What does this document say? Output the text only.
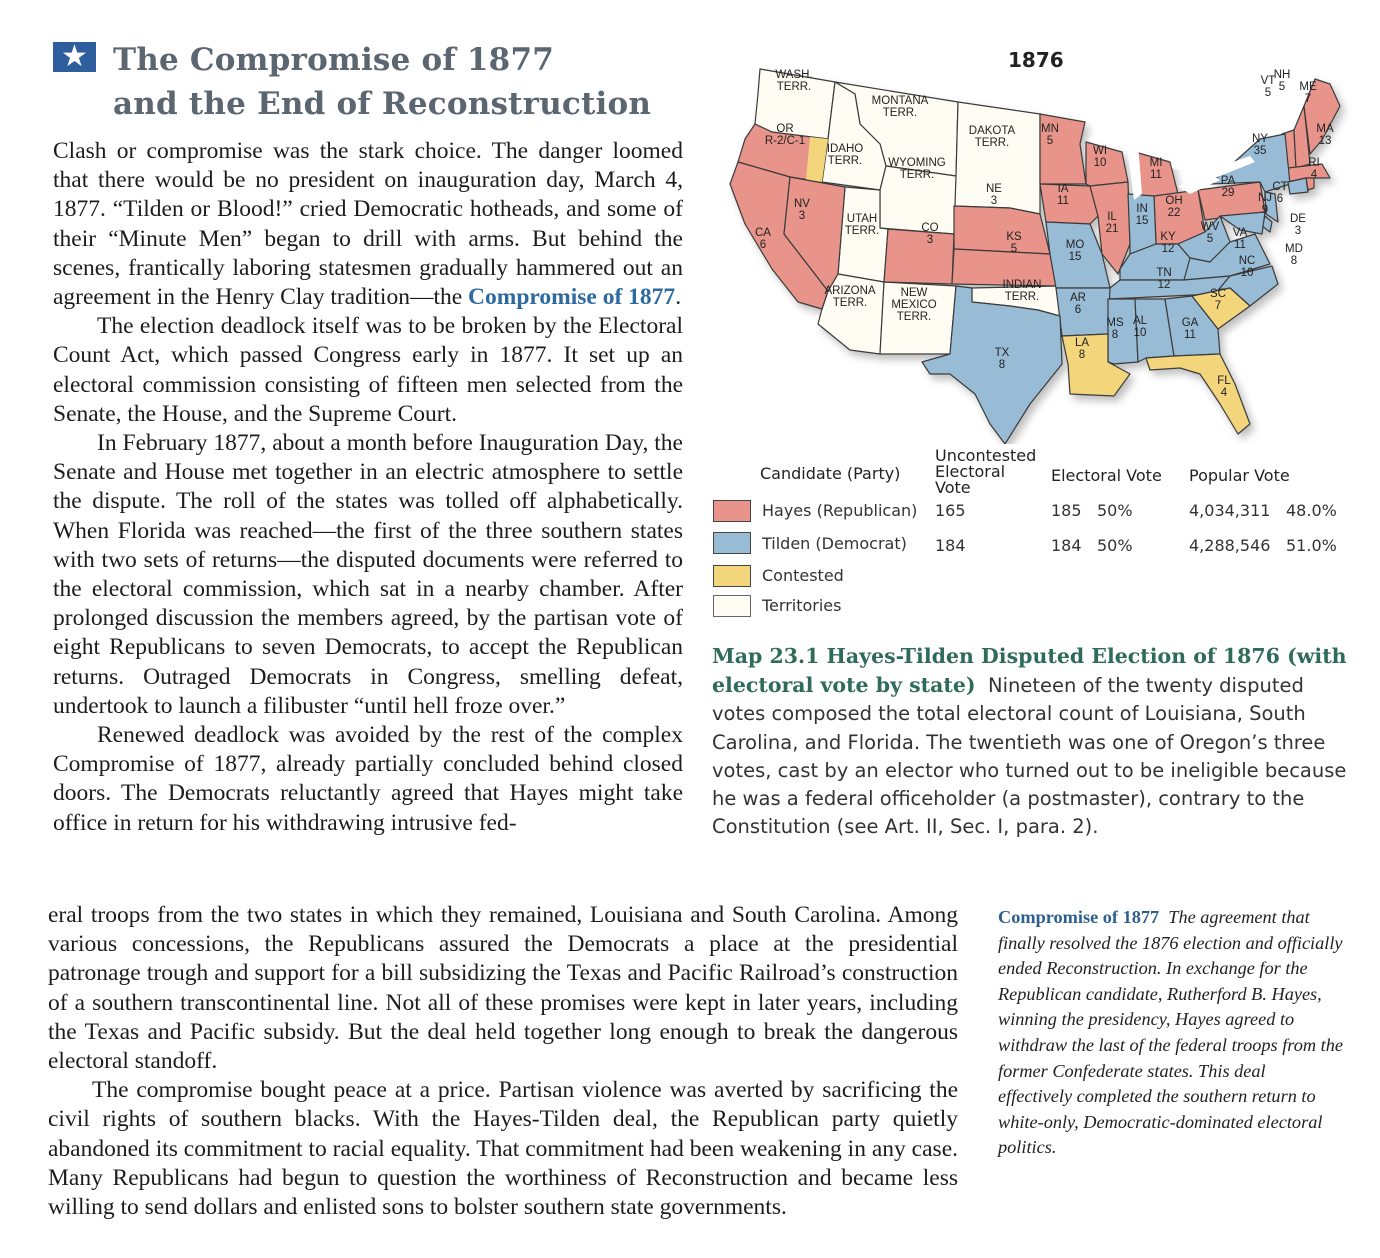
★ The Compromise of 1877
and the End of Reconstruction

Clash or compromise was the stark choice. The danger loomed that there would be no president on inauguration day, March 4, 1877. “Tilden or Blood!” cried Democratic hotheads, and some of their “Minute Men” began to drill with arms. But behind the scenes, frantically laboring statesmen gradually hammered out an agreement in the Henry Clay tradition—the Compromise of 1877.

The election deadlock itself was to be broken by the Electoral Count Act, which passed Congress early in 1877. It set up an electoral commission consisting of fifteen men selected from the Senate, the House, and the Supreme Court.

In February 1877, about a month before Inauguration Day, the Senate and House met together in an electric atmosphere to settle the dispute. The roll of the states was tolled off alphabetically. When Florida was reached—the first of the three southern states with two sets of returns—the disputed documents were referred to the electoral commission, which sat in a nearby chamber. After prolonged discussion the members agreed, by the partisan vote of eight Republicans to seven Democrats, to accept the Republican returns. Outraged Democrats in Congress, smelling defeat, undertook to launch a filibuster “until hell froze over.”

Renewed deadlock was avoided by the rest of the complex Compromise of 1877, already partially concluded behind closed doors. The Democrats reluctantly agreed that Hayes might take office in return for his withdrawing intrusive fed-

eral troops from the two states in which they remained, Louisiana and South Carolina. Among various concessions, the Republicans assured the Democrats a place at the presidential patronage trough and support for a bill subsidizing the Texas and Pacific Railroad’s construction of a southern transcontinental line. Not all of these promises were kept in later years, including the Texas and Pacific subsidy. But the deal held together long enough to break the dangerous electoral standoff.

The compromise bought peace at a price. Partisan violence was averted by sacrificing the civil rights of southern blacks. With the Hayes-Tilden deal, the Republican party quietly abandoned its commitment to racial equality. That commitment had been weakening in any case. Many Republicans had begun to question the worthiness of Reconstruction and became less willing to send dollars and enlisted sons to bolster southern state governments.

1876
WASH. TERR.
MONTANA TERR.
DAKOTA TERR.
IDAHO TERR. WYOMING TERR.
UTAH TERR.
ARIZONA TERR.
NEW MEXICO TERR.
INDIAN TERR.
OR R-2/C-1
CA 6
NV 3
CO 3
NE 3
KS 5
MN 5
IA 11
WI 10
IL 21
MI 11
OH 22
PA 29
VT 5
NH 5	ME 7
MA 13
RI 4
NY 35
NJ 9
CT 6
DE 3
MD 8
IN 15
MO 15
KY 12
WV 5	VA 11
TN 12
NC 10
AR 6
TX 8
MS 8
AL 10
GA 11
LA 8
SC 7
FL 4
Candidate (Party)
Uncontested
Electoral
Vote
Electoral Vote Popular Vote
Hayes (Republican) 165	185 50%	4,034,311 48.0%
Tilden (Democrat) 184	184 50%	4,288,546 51.0%
Contested
Territories
Map 23.1 Hayes-Tilden Disputed Election of 1876 (with electoral vote by state) Nineteen of the twenty disputed votes composed the total electoral count of Louisiana, South Carolina, and Florida. The twentieth was one of Oregon’s three votes, cast by an elector who turned out to be ineligible because he was a federal officeholder (a postmaster), contrary to the Constitution (see Art. II, Sec. I, para. 2).
Compromise of 1877 The agreement that finally resolved the 1876 election and officially ended Reconstruction. In exchange for the Republican candidate, Rutherford B. Hayes, winning the presidency, Hayes agreed to withdraw the last of the federal troops from the former Confederate states. This deal effectively completed the southern return to white-only, Democratic-dominated electoral politics.
